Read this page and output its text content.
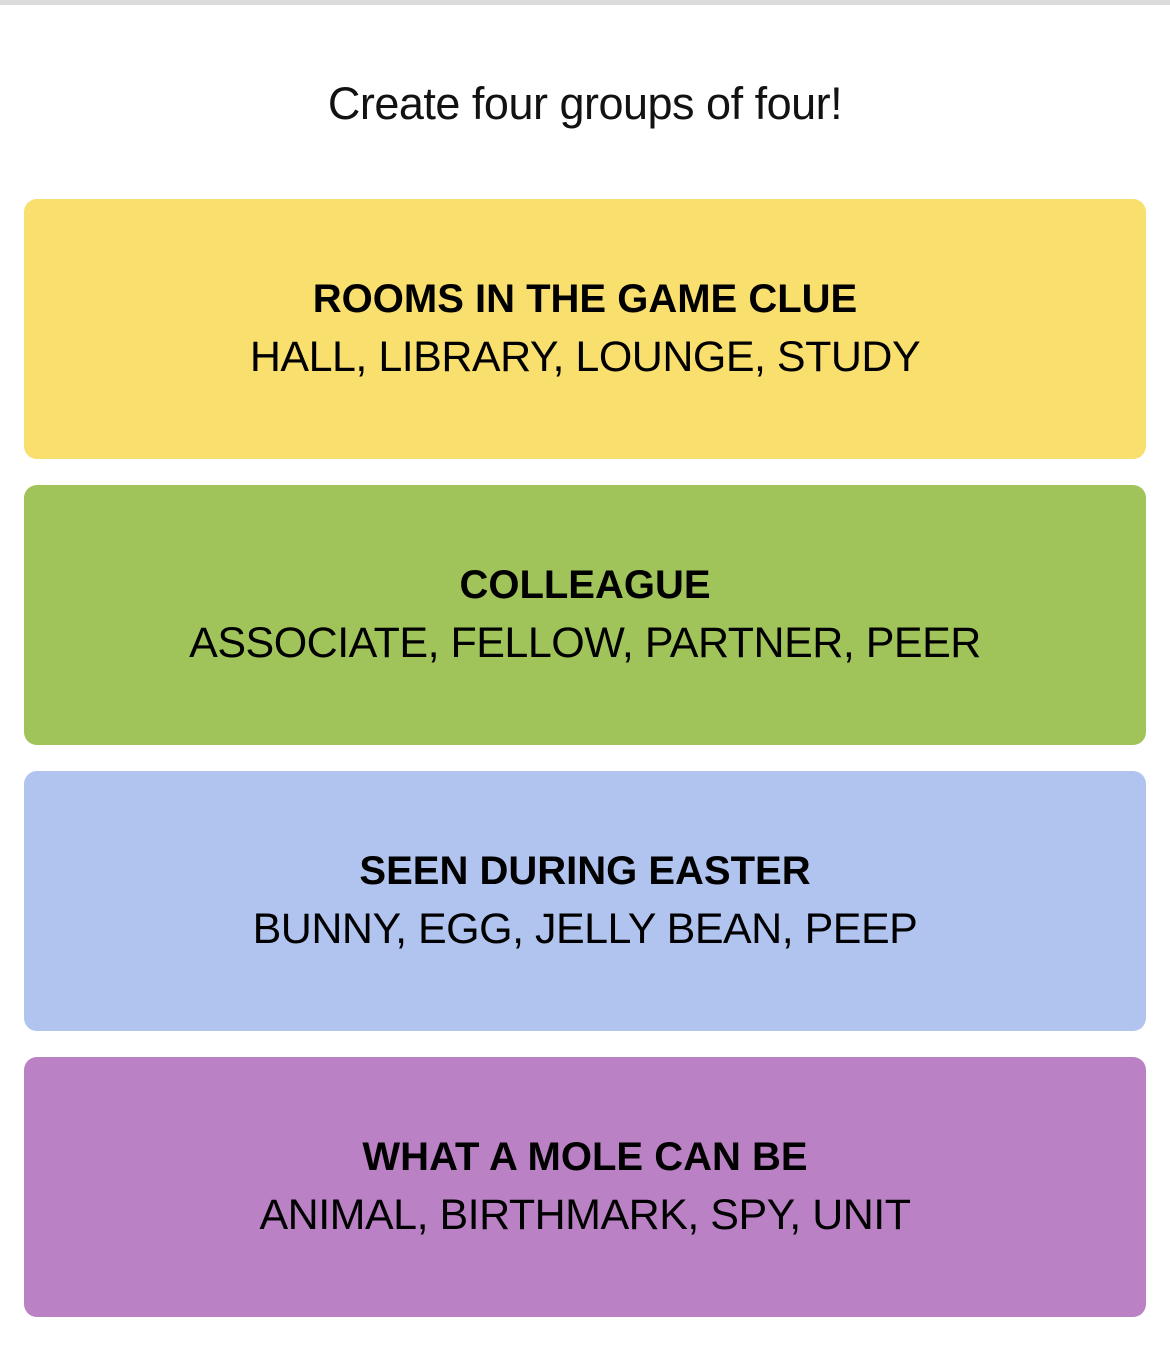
Create four groups of four!
ROOMS IN THE GAME CLUE
HALL, LIBRARY, LOUNGE, STUDY
COLLEAGUE
ASSOCIATE, FELLOW, PARTNER, PEER
SEEN DURING EASTER
BUNNY, EGG, JELLY BEAN, PEEP
WHAT A MOLE CAN BE
ANIMAL, BIRTHMARK, SPY, UNIT
